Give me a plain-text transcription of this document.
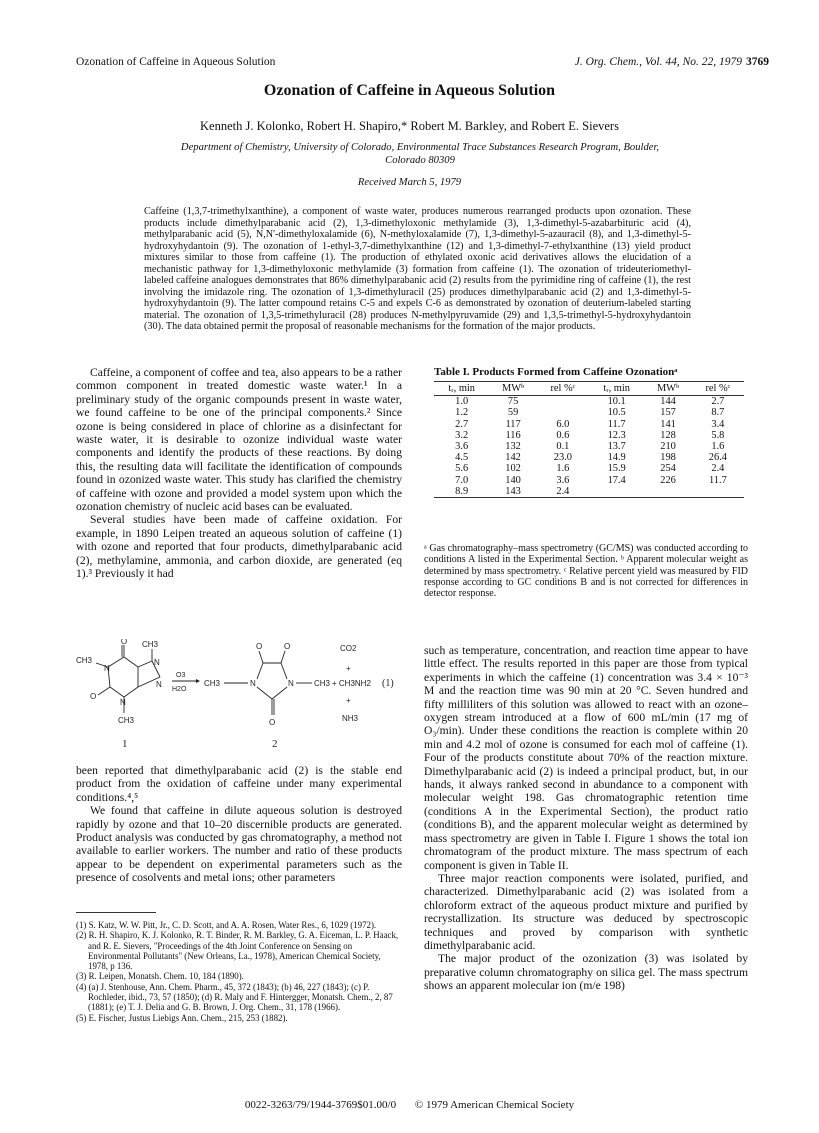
Ozonation of Caffeine in Aqueous Solution	J. Org. Chem., Vol. 44, No. 22, 1979 3769
Ozonation of Caffeine in Aqueous Solution
Kenneth J. Kolonko, Robert H. Shapiro,* Robert M. Barkley, and Robert E. Sievers
Department of Chemistry, University of Colorado, Environmental Trace Substances Research Program, Boulder, Colorado 80309
Received March 5, 1979
Caffeine (1,3,7-trimethylxanthine), a component of waste water, produces numerous rearranged products upon ozonation. These products include dimethylparabanic acid (2), 1,3-dimethyloxonic methylamide (3), 1,3-dimethyl-5-azabarbituric acid (4), methylparabanic acid (5), N,N'-dimethyloxalamide (6), N-methyloxalamide (7), 1,3-dimethyl-5-azauracil (8), and 1,3-dimethyl-5-hydroxyhydantoin (9). The ozonation of 1-ethyl-3,7-dimethylxanthine (12) and 1,3-dimethyl-7-ethylxanthine (13) yield product mixtures similar to those from caffeine (1). The production of ethylated oxonic acid derivatives allows the elucidation of a mechanistic pathway for 1,3-dimethyloxonic methylamide (3) formation from caffeine (1). The ozonation of trideuteriomethyl-labeled caffeine analogues demonstrates that 86% dimethylparabanic acid (2) results from the pyrimidine ring of caffeine (1), the rest involving the imidazole ring. The ozonation of 1,3-dimethyluracil (25) produces dimethylparabanic acid (2) and 1,3-dimethyl-5-hydroxyhydantoin (9). The latter compound retains C-5 and expels C-6 as demonstrated by ozonation of deuterium-labeled starting material. The ozonation of 1,3,5-trimethyluracil (28) produces N-methylpyruvamide (29) and 1,3,5-trimethyl-5-hydroxyhydantoin (30). The data obtained permit the proposal of reasonable mechanisms for the formation of the major products.

Caffeine, a component of coffee and tea, also appears to be a rather common component in treated domestic waste water.¹ In a preliminary study of the organic compounds present in waste water, we found caffeine to be one of the principal components.² Since ozone is being considered in place of chlorine as a disinfectant for waste water, it is desirable to ozonize individual waste water components and identify the products of these reactions. By doing this, the resulting data will facilitate the identification of compounds found in ozonized waste water. This study has clarified the chemistry of caffeine with ozone and provided a model system upon which the ozonation chemistry of nucleic acid bases can be evaluated.

Several studies have been made of caffeine oxidation. For example, in 1890 Leipen treated an aqueous solution of caffeine (1) with ozone and reported that four products, dimethylparabanic acid (2), methylamine, ammonia, and carbon dioxide, are generated (eq 1).³ Previously it had

O CH3
CH3
N
N
N
N
O
CH3
1
O3
H2O
CH3	N
O	O
O
N	CH3
2
CO2
+
+ CH3NH2 (1)
+
NH3

been reported that dimethylparabanic acid (2) is the stable end product from the oxidation of caffeine under many experimental conditions.⁴,⁵

We found that caffeine in dilute aqueous solution is destroyed rapidly by ozone and that 10–20 discernible products are generated. Product analysis was conducted by gas chromatography, a method not available to earlier workers. The number and ratio of these products appear to be dependent on experimental parameters such as the presence of cosolvents and metal ions; other parameters

(1) S. Katz, W. W. Pitt, Jr., C. D. Scott, and A. A. Rosen, Water Res., 6, 1029 (1972).
(2) R. H. Shapiro, K. J. Kolonko, R. T. Binder, R. M. Barkley, G. A. Eiceman, L. P. Haack, and R. E. Sievers, "Proceedings of the 4th Joint Conference on Sensing on Environmental Pollutants" (New Orleans, La., 1978), American Chemical Society, 1978, p 136.
(3) R. Leipen, Monatsh. Chem. 10, 184 (1890).
(4) (a) J. Stenhouse, Ann. Chem. Pharm., 45, 372 (1843); (b) 46, 227 (1843); (c) P. Rochleder, ibid., 73, 57 (1850); (d) R. Maly and F. Hintergger, Monatsh. Chem., 2, 87 (1881); (e) T. J. Delia and G. B. Brown, J. Org. Chem., 31, 178 (1966).
(5) E. Fischer, Justus Liebigs Ann. Chem., 215, 253 (1882).
Table I. Products Formed from Caffeine Ozonationᵃ
tᵣ, min	MWᵇ	rel %ᶜ	tᵣ, min	MWᵇ	rel %ᶜ
1.0	75		10.1	144	2.7
1.2	59		10.5	157	8.7
2.7	117	6.0	11.7	141	3.4
3.2	116	0.6	12.3	128	5.8
3.6	132	0.1	13.7	210	1.6
4.5	142	23.0	14.9	198	26.4
5.6	102	1.6	15.9	254	2.4
7.0	140	3.6	17.4	226	11.7
8.9	143	2.4			
ᵃ Gas chromatography–mass spectrometry (GC/MS) was conducted according to conditions A listed in the Experimental Section. ᵇ Apparent molecular weight as determined by mass spectrometry. ᶜ Relative percent yield was measured by FID response according to GC conditions B and is not corrected for differences in detector response.

such as temperature, concentration, and reaction time appear to have little effect. The results reported in this paper are those from typical experiments in which the caffeine (1) concentration was 3.4 × 10⁻³ M and the reaction time was 90 min at 20 °C. Seven hundred and fifty milliliters of this solution was allowed to react with an ozone–oxygen stream introduced at a flow of 600 mL/min (17 mg of O₃/min). Under these conditions the reaction is complete within 20 min and 4.2 mol of ozone is consumed for each mol of caffeine (1). Four of the products constitute about 70% of the reaction mixture. Dimethylparabanic acid (2) is indeed a principal product, but, in our hands, it always ranked second in abundance to a component with molecular weight 198. Gas chromatographic retention time (conditions A in the Experimental Section), the product ratio (conditions B), and the apparent molecular weight as determined by mass spectrometry are given in Table I. Figure 1 shows the total ion chromatogram of the product mixture. The mass spectrum of each component is given in Table II.

Three major reaction components were isolated, purified, and characterized. Dimethylparabanic acid (2) was isolated from a chloroform extract of the aqueous product mixture and purified by recrystallization. Its structure was deduced by spectroscopic techniques and proved by comparison with synthetic dimethylparabanic acid.

The major product of the ozonization (3) was isolated by preparative column chromatography on silica gel. The mass spectrum shows an apparent molecular ion (m/e 198)

0022-3263/79/1944-3769$01.00/0 © 1979 American Chemical Society
